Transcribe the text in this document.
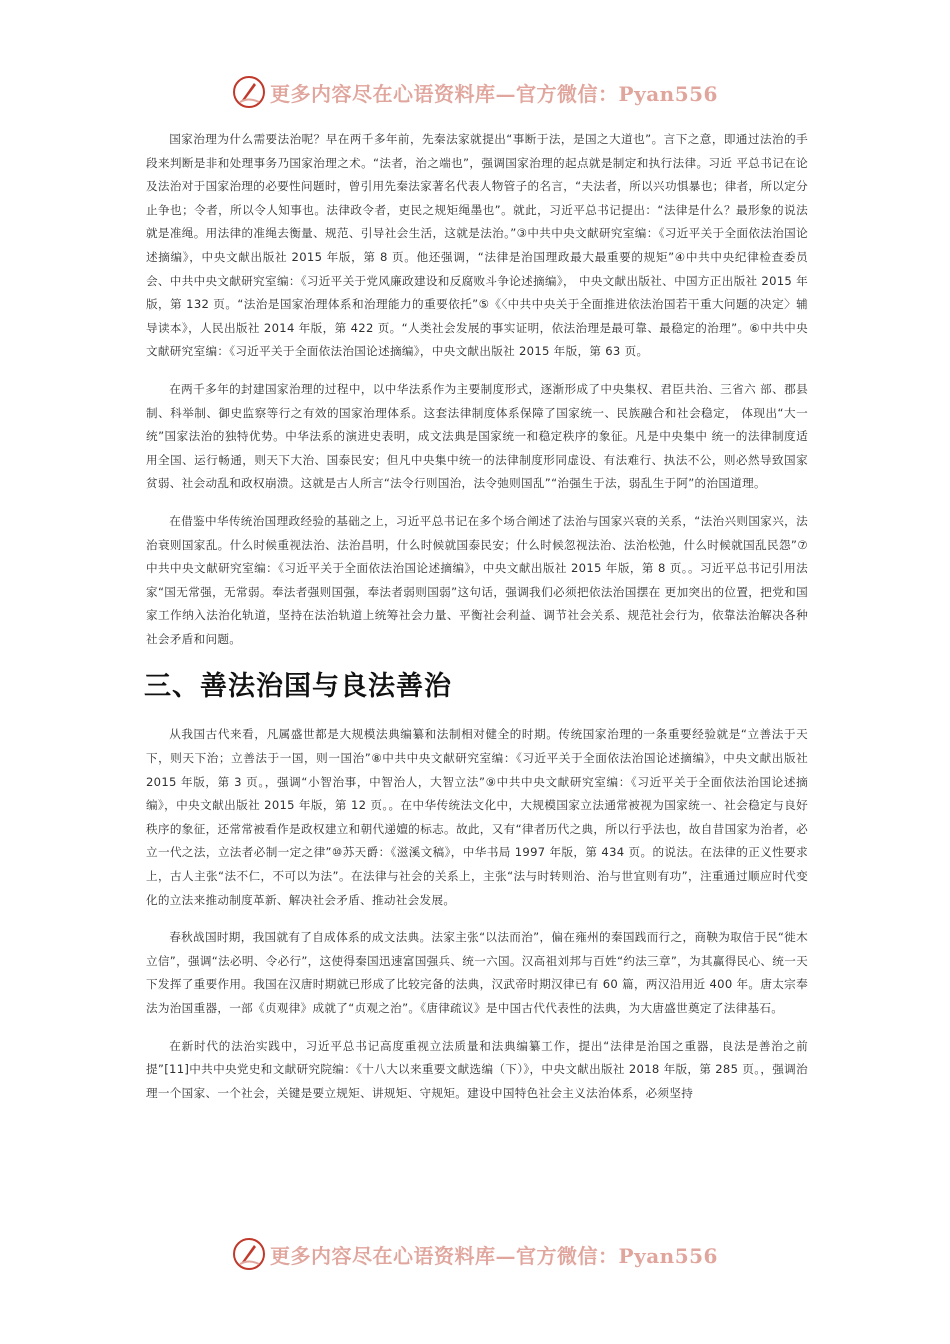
更多内容尽在心语资料库—官方微信：Pyan556

国家治理为什么需要法治呢？早在两千多年前，先秦法家就提出“事断于法，是国之大道也”。言下之意，即通过法治的手段来判断是非和处理事务乃国家治理之术。“法者，治之端也”，强调国家治理的起点就是制定和执行法律。习近 平总书记在论及法治对于国家治理的必要性问题时，曾引用先秦法家著名代表人物管子的名言，“夫法者，所以兴功惧暴也；律者，所以定分止争也；令者，所以令人知事也。法律政令者，吏民之规矩绳墨也”。就此，习近平总书记提出：“法律是什么？最形象的说法就是准绳。用法律的准绳去衡量、规范、引导社会生活，这就是法治。”③中共中央文献研究室编：《习近平关于全面依法治国论述摘编》，中央文献出版社 2015 年版，第 8 页。他还强调，“法律是治国理政最大最重要的规矩”④中共中央纪律检查委员会、中共中央文献研究室编：《习近平关于党风廉政建设和反腐败斗争论述摘编》， 中央文献出版社、中国方正出版社 2015 年版，第 132 页。“法治是国家治理体系和治理能力的重要依托”⑤《〈中共中央关于全面推进依法治国若干重大问题的决定〉辅导读本》，人民出版社 2014 年版，第 422 页。“人类社会发展的事实证明，依法治理是最可靠、最稳定的治理”。⑥中共中央文献研究室编：《习近平关于全面依法治国论述摘编》，中央文献出版社 2015 年版，第 63 页。

在两千多年的封建国家治理的过程中，以中华法系作为主要制度形式，逐渐形成了中央集权、君臣共治、三省六 部、郡县制、科举制、御史监察等行之有效的国家治理体系。这套法律制度体系保障了国家统一、民族融合和社会稳定， 体现出“大一统”国家法治的独特优势。中华法系的演进史表明，成文法典是国家统一和稳定秩序的象征。凡是中央集中 统一的法律制度适用全国、运行畅通，则天下大治、国泰民安；但凡中央集中统一的法律制度形同虚设、有法难行、执法不公，则必然导致国家贫弱、社会动乱和政权崩溃。这就是古人所言“法令行则国治，法令弛则国乱”“治强生于法，弱乱生于阿”的治国道理。

在借鉴中华传统治国理政经验的基础之上，习近平总书记在多个场合阐述了法治与国家兴衰的关系，“法治兴则国家兴，法治衰则国家乱。什么时候重视法治、法治昌明，什么时候就国泰民安；什么时候忽视法治、法治松弛，什么时候就国乱民怨”⑦中共中央文献研究室编：《习近平关于全面依法治国论述摘编》，中央文献出版社 2015 年版，第 8 页。。习近平总书记引用法家“国无常强，无常弱。奉法者强则国强，奉法者弱则国弱”这句话，强调我们必须把依法治国摆在 更加突出的位置，把党和国家工作纳入法治化轨道，坚持在法治轨道上统筹社会力量、平衡社会利益、调节社会关系、规范社会行为，依靠法治解决各种社会矛盾和问题。

三、善法治国与良法善治

从我国古代来看，凡属盛世都是大规模法典编纂和法制相对健全的时期。传统国家治理的一条重要经验就是“立善法于天下，则天下治；立善法于一国，则一国治”⑧中共中央文献研究室编：《习近平关于全面依法治国论述摘编》，中央文献出版社 2015 年版，第 3 页。，强调“小智治事，中智治人，大智立法”⑨中共中央文献研究室编：《习近平关于全面依法治国论述摘编》，中央文献出版社 2015 年版，第 12 页。。在中华传统法文化中，大规模国家立法通常被视为国家统一、社会稳定与良好秩序的象征，还常常被看作是政权建立和朝代递嬗的标志。故此，又有“律者历代之典，所以行乎法也，故自昔国家为治者，必立一代之法，立法者必制一定之律”⑩苏天爵：《滋溪文稿》，中华书局 1997 年版，第 434 页。的说法。在法律的正义性要求上，古人主张“法不仁，不可以为法”。在法律与社会的关系上，主张“法与时转则治、治与世宜则有功”，注重通过顺应时代变化的立法来推动制度革新、解决社会矛盾、推动社会发展。

春秋战国时期，我国就有了自成体系的成文法典。法家主张“以法而治”，偏在雍州的秦国践而行之，商鞅为取信于民“徙木立信”，强调“法必明、令必行”，这使得秦国迅速富国强兵、统一六国。汉高祖刘邦与百姓“约法三章”，为其赢得民心、统一天下发挥了重要作用。我国在汉唐时期就已形成了比较完备的法典，汉武帝时期汉律已有 60 篇，两汉沿用近 400 年。唐太宗奉法为治国重器，一部《贞观律》成就了“贞观之治”。《唐律疏议》是中国古代代表性的法典，为大唐盛世奠定了法律基石。

在新时代的法治实践中，习近平总书记高度重视立法质量和法典编纂工作，提出“法律是治国之重器，良法是善治之前提”[11]中共中央党史和文献研究院编：《十八大以来重要文献选编（下）》，中央文献出版社 2018 年版，第 285 页。，强调治理一个国家、一个社会，关键是要立规矩、讲规矩、守规矩。建设中国特色社会主义法治体系，必须坚持

更多内容尽在心语资料库—官方微信：Pyan556
